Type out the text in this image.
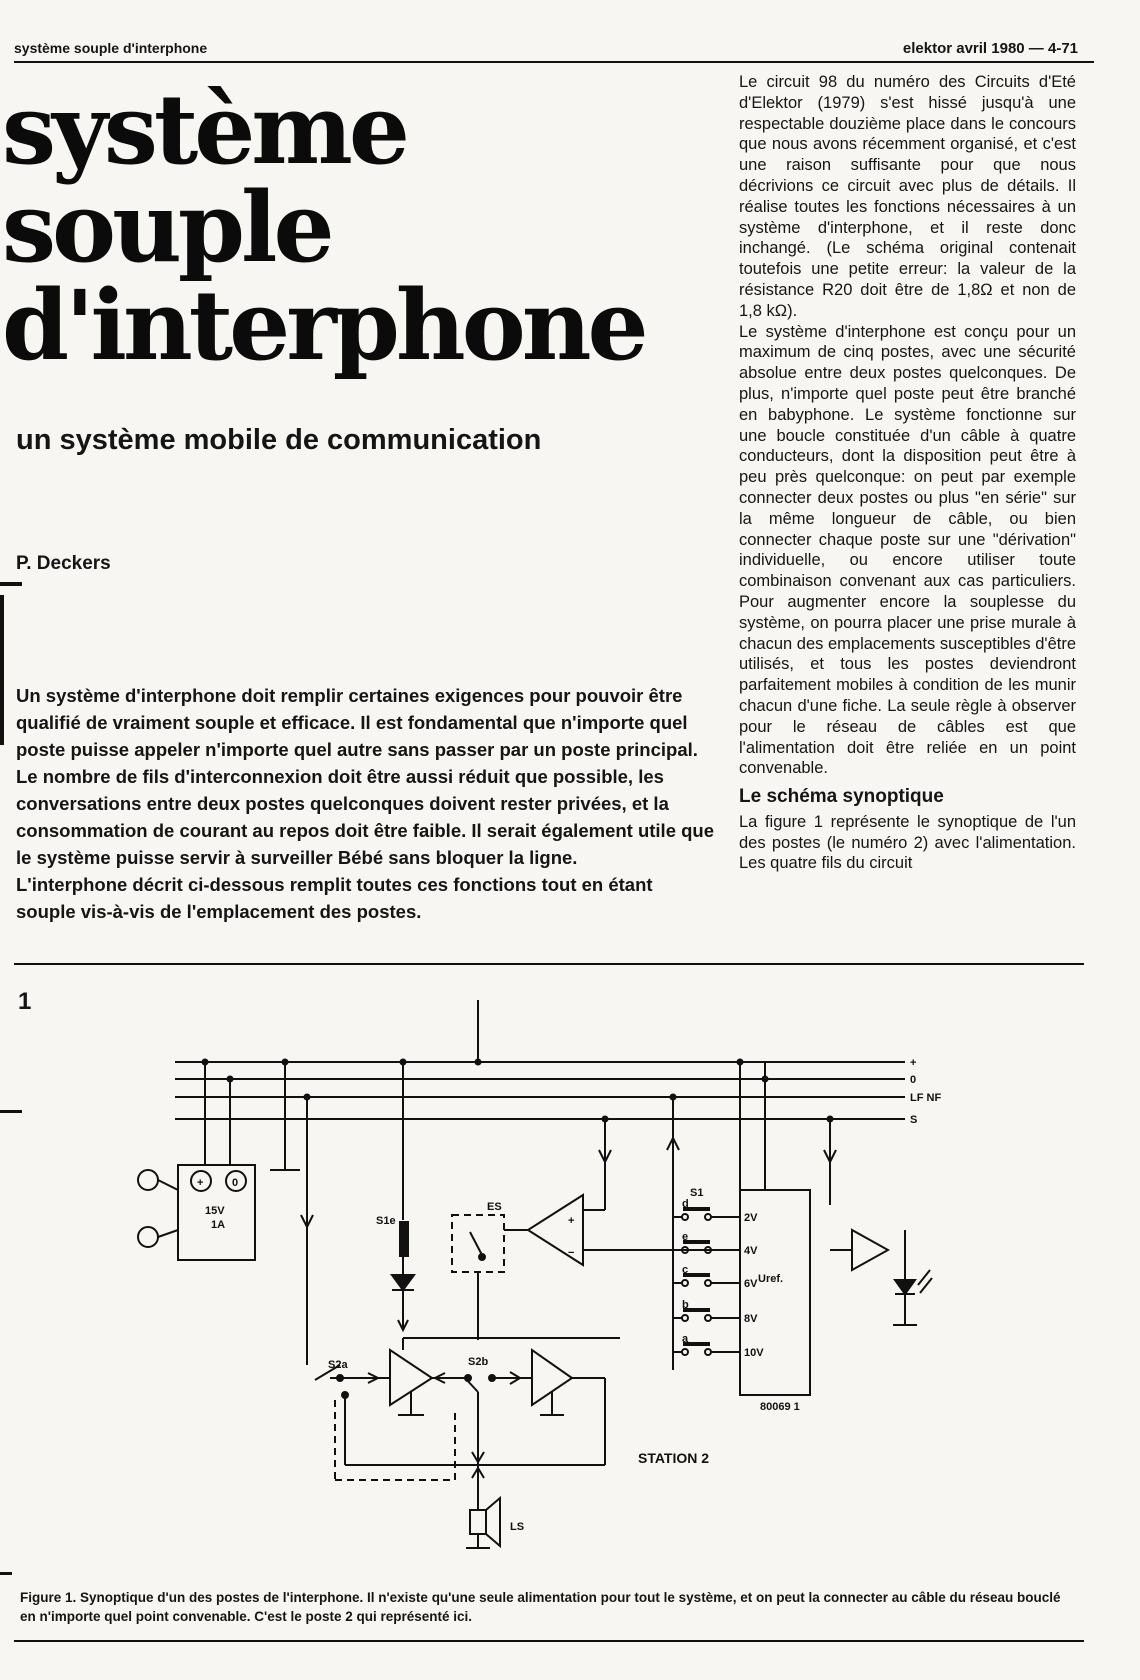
système souple d'interphone	elektor avril 1980 — 4-71
système
souple
d'interphone
un système mobile de communication
P. Deckers

Un système d'interphone doit remplir certaines exigences pour pouvoir être qualifié de vraiment souple et efficace. Il est fondamental que n'importe quel poste puisse appeler n'importe quel autre sans passer par un poste principal. Le nombre de fils d'interconnexion doit être aussi réduit que possible, les conversations entre deux postes quelconques doivent rester privées, et la consommation de courant au repos doit être faible. Il serait également utile que le système puisse servir à surveiller Bébé sans bloquer la ligne.

L'interphone décrit ci-dessous remplit toutes ces fonctions tout en étant souple vis-à-vis de l'emplacement des postes.

Le circuit 98 du numéro des Circuits d'Eté d'Elektor (1979) s'est hissé jusqu'à une respectable douzième place dans le concours que nous avons récemment organisé, et c'est une raison suffisante pour que nous décrivions ce circuit avec plus de détails. Il réalise toutes les fonctions nécessaires à un système d'interphone, et il reste donc inchangé. (Le schéma original contenait toutefois une petite erreur: la valeur de la résistance R20 doit être de 1,8Ω et non de 1,8 kΩ).

Le système d'interphone est conçu pour un maximum de cinq postes, avec une sécurité absolue entre deux postes quelconques. De plus, n'importe quel poste peut être branché en babyphone. Le système fonctionne sur une boucle constituée d'un câble à quatre conducteurs, dont la disposition peut être à peu près quelconque: on peut par exemple connecter deux postes ou plus "en série" sur la même longueur de câble, ou bien connecter chaque poste sur une "dérivation" individuelle, ou encore utiliser toute combinaison convenant aux cas particuliers. Pour augmenter encore la souplesse du système, on pourra placer une prise murale à chacun des emplacements susceptibles d'être utilisés, et tous les postes deviendront parfaitement mobiles à condition de les munir chacun d'une fiche. La seule règle à observer pour le réseau de câbles est que l'alimentation doit être reliée en un point convenable.

Le schéma synoptique

La figure 1 représente le synoptique de l'un des postes (le numéro 2) avec l'alimentation. Les quatre fils du circuit

1
+
0
LF NF
S
+	0
15V
1A	S1e
ES
S1
S2a	S2b
Uref.
LS
80069 1
+
−
STATION 2
d
e
c
b
a
2V
4V
6V
8V
10V
Figure 1. Synoptique d'un des postes de l'interphone. Il n'existe qu'une seule alimentation pour tout le système, et on peut la connecter au câble du réseau bouclé en n'importe quel point convenable. C'est le poste 2 qui représenté ici.
